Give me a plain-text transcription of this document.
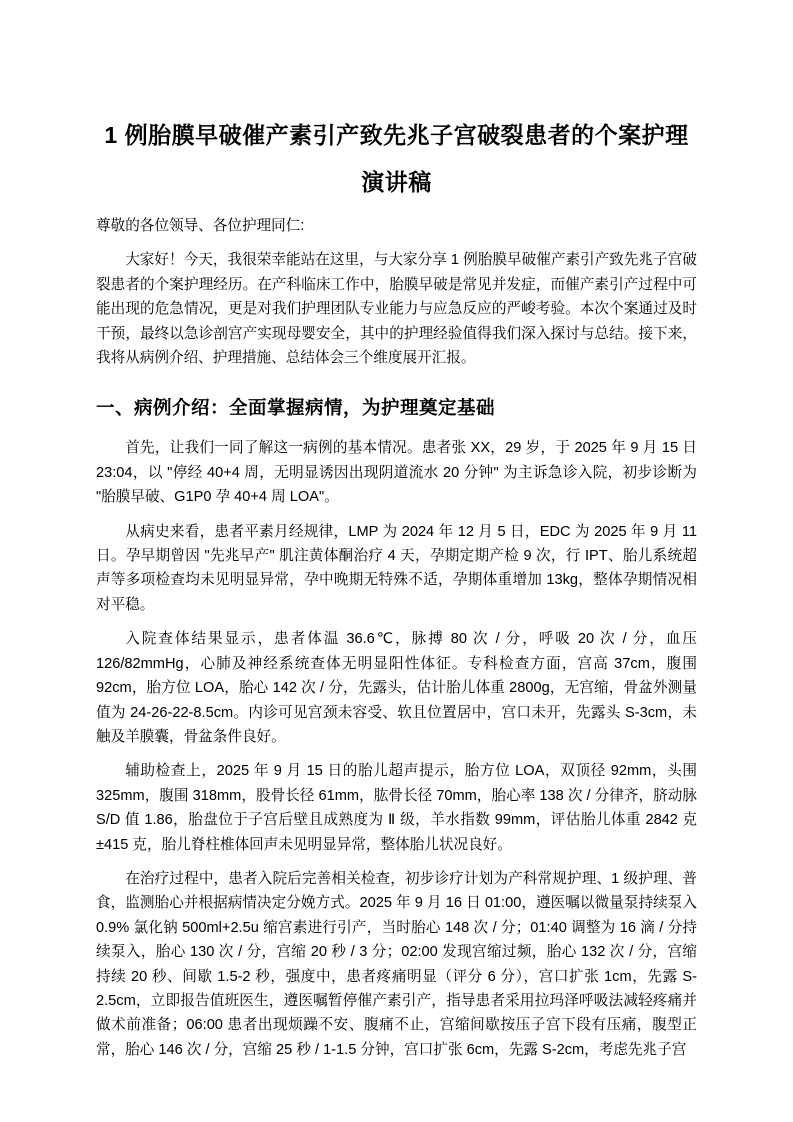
1 例胎膜早破催产素引产致先兆子宫破裂患者的个案护理
演讲稿

尊敬的各位领导、各位护理同仁:

大家好！今天，我很荣幸能站在这里，与大家分享 1 例胎膜早破催产素引产致先兆子宫破裂患者的个案护理经历。在产科临床工作中，胎膜早破是常见并发症，而催产素引产过程中可能出现的危急情况，更是对我们护理团队专业能力与应急反应的严峻考验。本次个案通过及时干预，最终以急诊剖宫产实现母婴安全，其中的护理经验值得我们深入探讨与总结。接下来，我将从病例介绍、护理措施、总结体会三个维度展开汇报。

一、病例介绍：全面掌握病情，为护理奠定基础

首先，让我们一同了解这一病例的基本情况。患者张 XX，29 岁，于 2025 年 9 月 15 日 23:04，以 "停经 40+4 周，无明显诱因出现阴道流水 20 分钟" 为主诉急诊入院，初步诊断为 "胎膜早破、G1P0 孕 40+4 周 LOA"。

从病史来看，患者平素月经规律，LMP 为 2024 年 12 月 5 日，EDC 为 2025 年 9 月 11 日。孕早期曾因 "先兆早产" 肌注黄体酮治疗 4 天，孕期定期产检 9 次，行 IPT、胎儿系统超声等多项检查均未见明显异常，孕中晚期无特殊不适，孕期体重增加 13kg，整体孕期情况相对平稳。

入院查体结果显示，患者体温 36.6℃，脉搏 80 次 / 分，呼吸 20 次 / 分，血压 126/82mmHg，心肺及神经系统查体无明显阳性体征。专科检查方面，宫高 37cm，腹围 92cm，胎方位 LOA，胎心 142 次 / 分，先露头，估计胎儿体重 2800g，无宫缩，骨盆外测量值为 24-26-22-8.5cm。内诊可见宫颈未容受、软且位置居中，宫口未开，先露头 S-3cm，未触及羊膜囊，骨盆条件良好。

辅助检查上，2025 年 9 月 15 日的胎儿超声提示，胎方位 LOA，双顶径 92mm，头围 325mm，腹围 318mm，股骨长径 61mm，肱骨长径 70mm，胎心率 138 次 / 分律齐，脐动脉 S/D 值 1.86，胎盘位于子宫后壁且成熟度为 Ⅱ 级，羊水指数 99mm，评估胎儿体重 2842 克 ±415 克，胎儿脊柱椎体回声未见明显异常，整体胎儿状况良好。

在治疗过程中，患者入院后完善相关检查，初步诊疗计划为产科常规护理、1 级护理、普食，监测胎心并根据病情决定分娩方式。2025 年 9 月 16 日 01:00，遵医嘱以微量泵持续泵入 0.9% 氯化钠 500ml+2.5u 缩宫素进行引产，当时胎心 148 次 / 分；01:40 调整为 16 滴 / 分持续泵入，胎心 130 次 / 分，宫缩 20 秒 / 3 分；02:00 发现宫缩过频，胎心 132 次 / 分，宫缩持续 20 秒、间歇 1.5-2 秒，强度中，患者疼痛明显（评分 6 分），宫口扩张 1cm，先露 S-2.5cm，立即报告值班医生，遵医嘱暂停催产素引产，指导患者采用拉玛泽呼吸法减轻疼痛并做术前准备；06:00 患者出现烦躁不安、腹痛不止，宫缩间歇按压子宫下段有压痛，腹型正常，胎心 146 次 / 分，宫缩 25 秒 / 1-1.5 分钟，宫口扩张 6cm，先露 S-2cm，考虑先兆子宫
